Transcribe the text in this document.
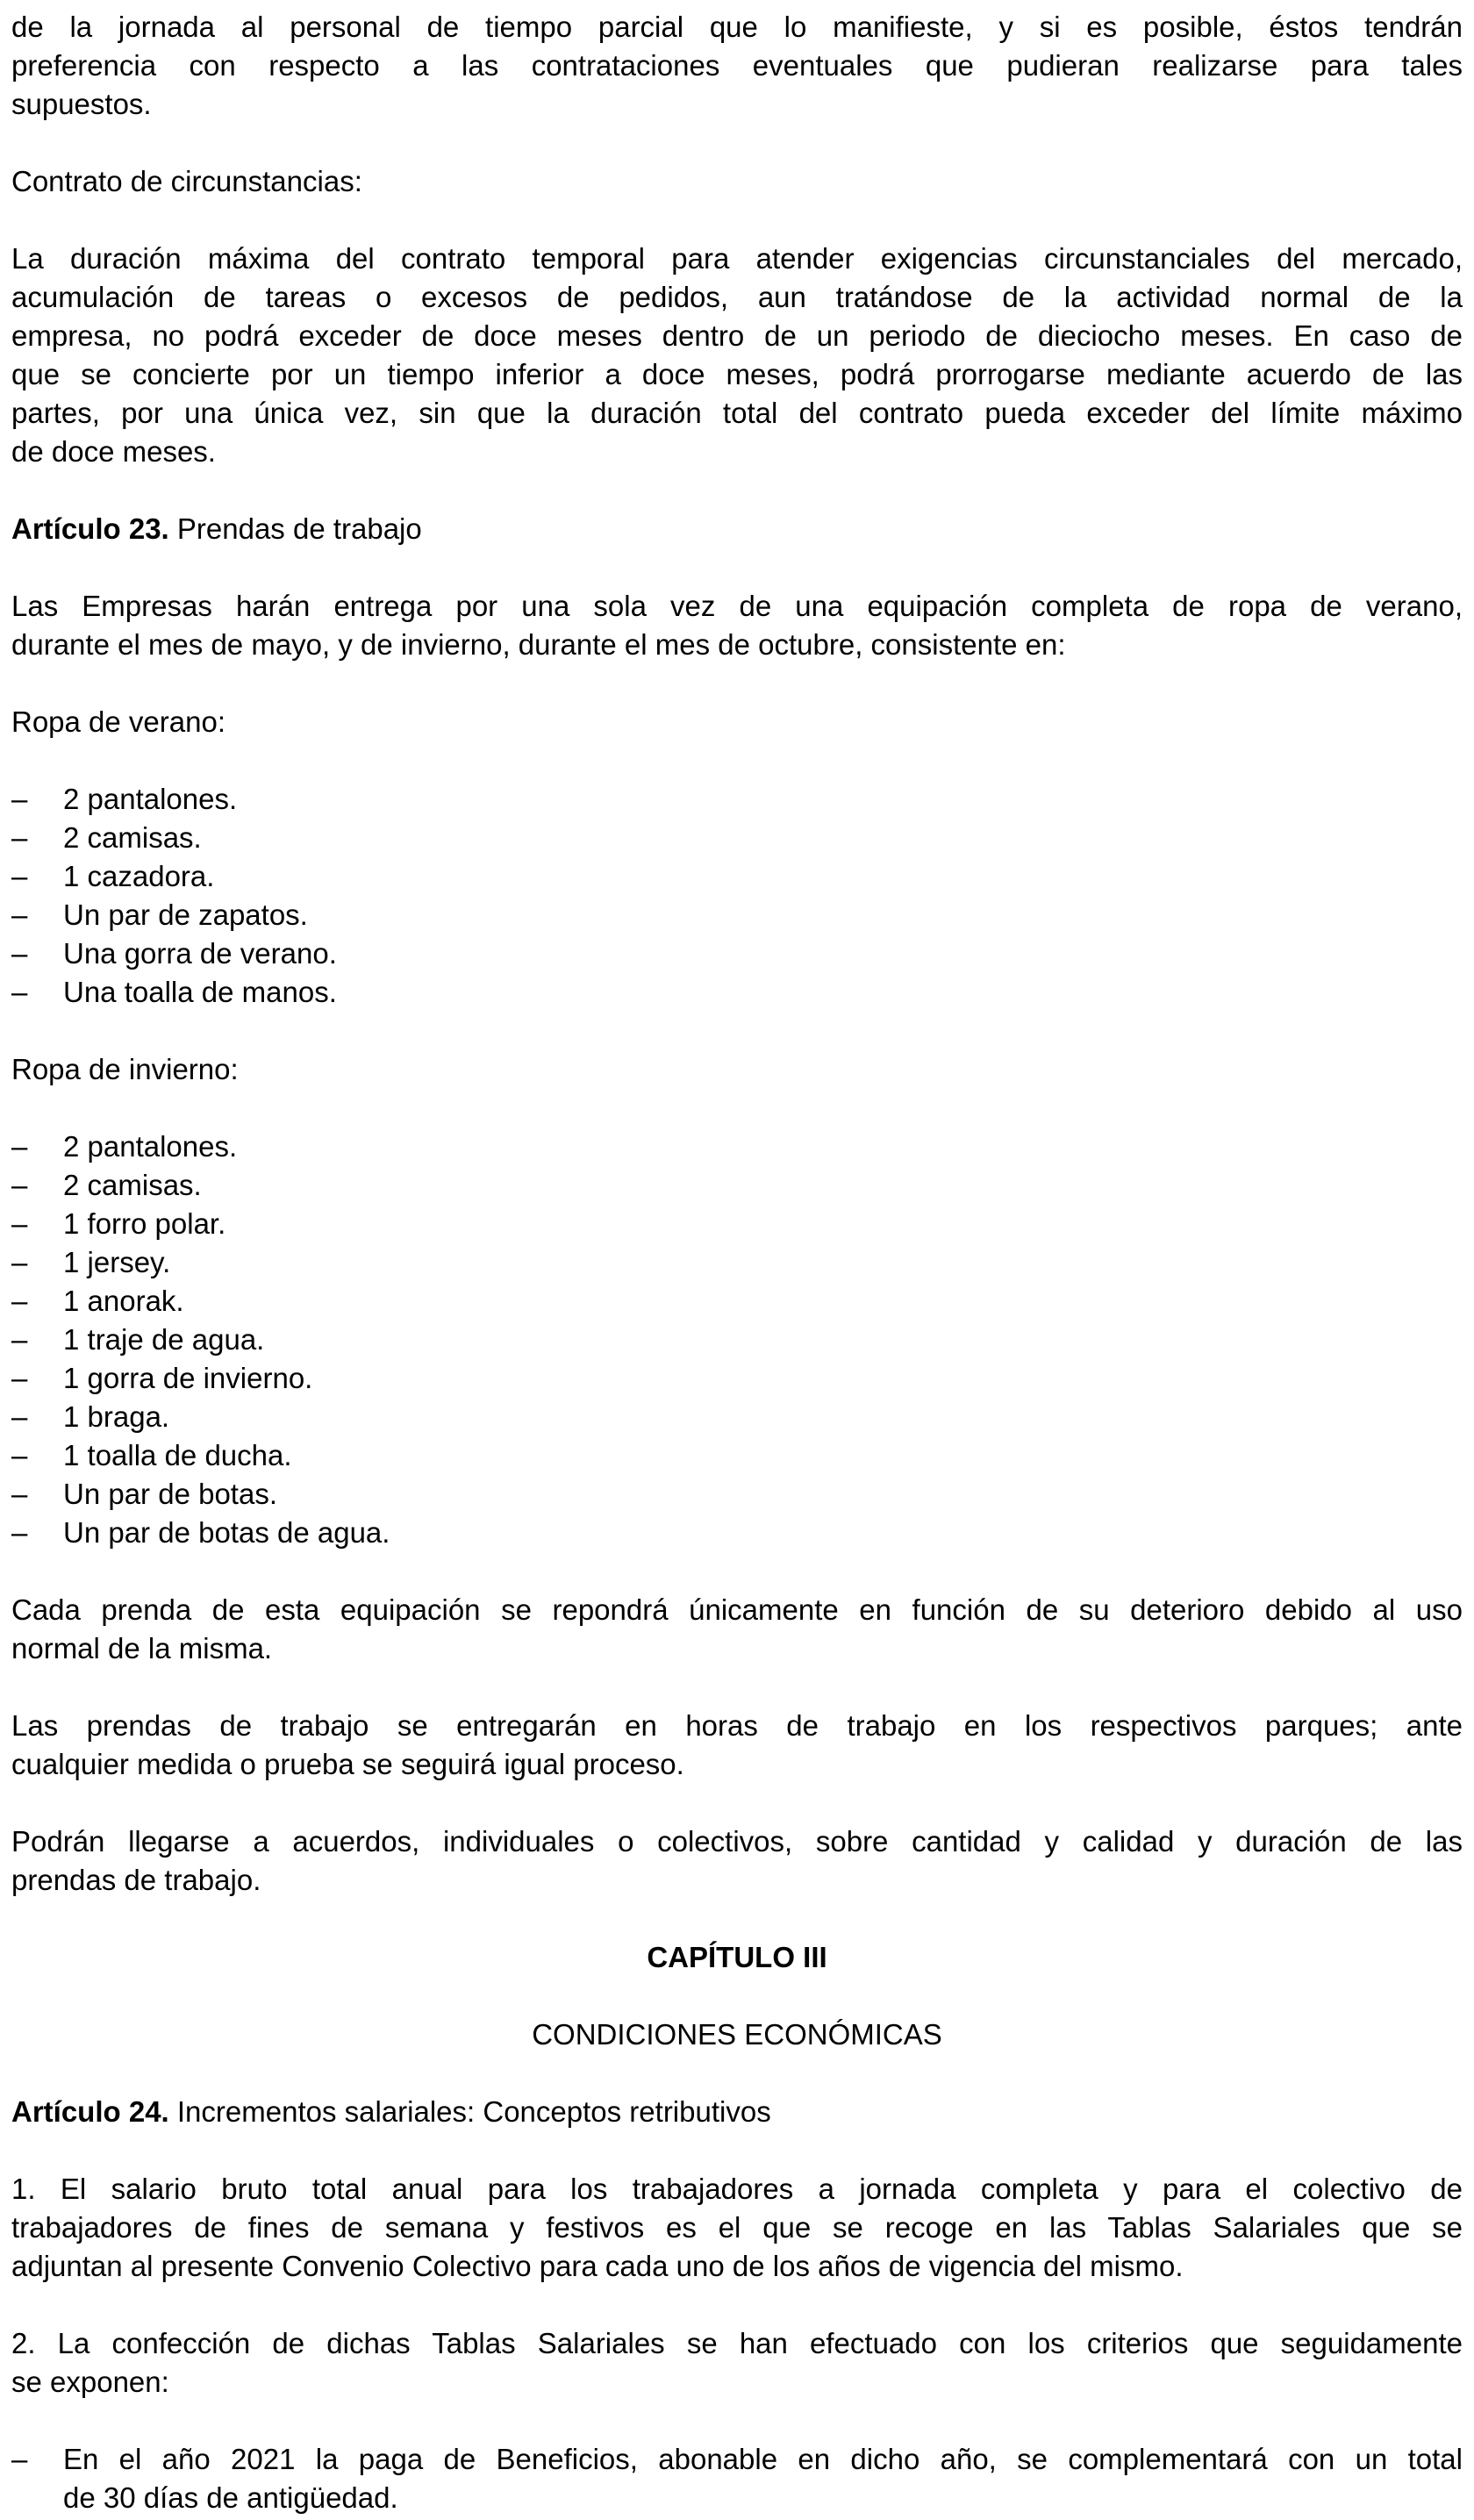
de la jornada al personal de tiempo parcial que lo manifieste, y si es posible, éstos tendrán
preferencia con respecto a las contrataciones eventuales que pudieran realizarse para tales
supuestos.
Contrato de circunstancias:
La duración máxima del contrato temporal para atender exigencias circunstanciales del mercado,
acumulación de tareas o excesos de pedidos, aun tratándose de la actividad normal de la
empresa, no podrá exceder de doce meses dentro de un periodo de dieciocho meses. En caso de
que se concierte por un tiempo inferior a doce meses, podrá prorrogarse mediante acuerdo de las
partes, por una única vez, sin que la duración total del contrato pueda exceder del límite máximo
de doce meses.
Artículo 23. Prendas de trabajo
Las Empresas harán entrega por una sola vez de una equipación completa de ropa de verano,
durante el mes de mayo, y de invierno, durante el mes de octubre, consistente en:
Ropa de verano:
– 2 pantalones.
– 2 camisas.
– 1 cazadora.
– Un par de zapatos.
– Una gorra de verano.
– Una toalla de manos.
Ropa de invierno:
– 2 pantalones.
– 2 camisas.
– 1 forro polar.
– 1 jersey.
– 1 anorak.
– 1 traje de agua.
– 1 gorra de invierno.
– 1 braga.
– 1 toalla de ducha.
– Un par de botas.
– Un par de botas de agua.
Cada prenda de esta equipación se repondrá únicamente en función de su deterioro debido al uso
normal de la misma.
Las prendas de trabajo se entregarán en horas de trabajo en los respectivos parques; ante
cualquier medida o prueba se seguirá igual proceso.
Podrán llegarse a acuerdos, individuales o colectivos, sobre cantidad y calidad y duración de las
prendas de trabajo.
CAPÍTULO III
CONDICIONES ECONÓMICAS
Artículo 24. Incrementos salariales: Conceptos retributivos
1. El salario bruto total anual para los trabajadores a jornada completa y para el colectivo de
trabajadores de fines de semana y festivos es el que se recoge en las Tablas Salariales que se
adjuntan al presente Convenio Colectivo para cada uno de los años de vigencia del mismo.
2. La confección de dichas Tablas Salariales se han efectuado con los criterios que seguidamente
se exponen:
– En el año 2021 la paga de Beneficios, abonable en dicho año, se complementará con un total
de 30 días de antigüedad.
